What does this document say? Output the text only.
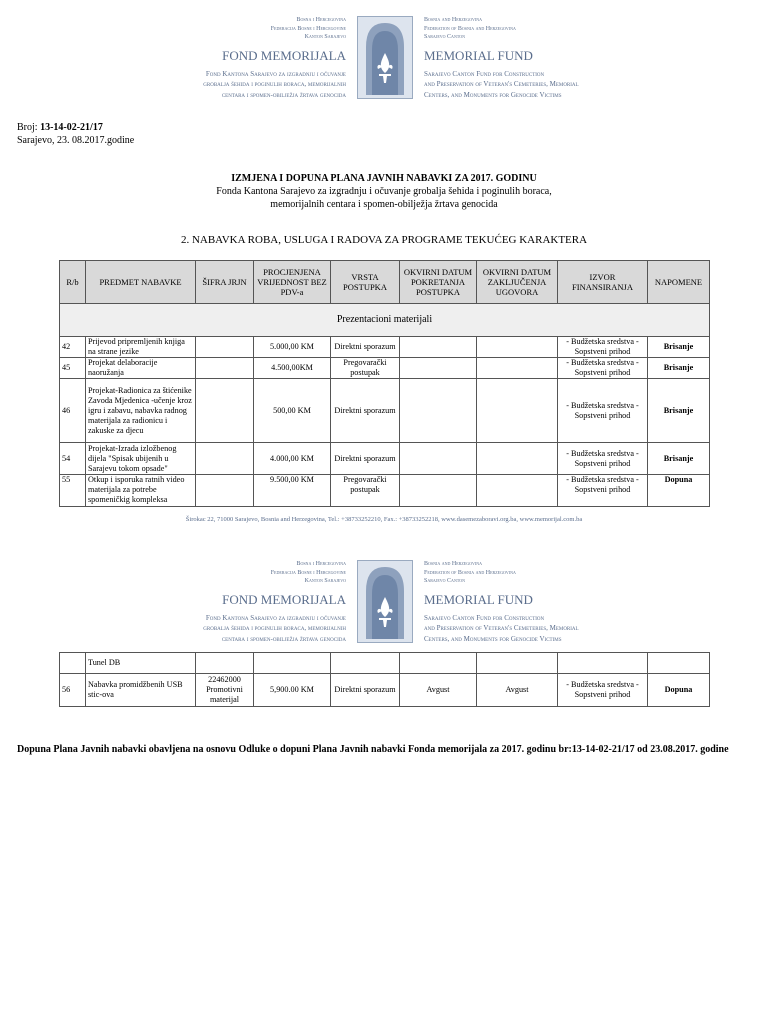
Bosna i Hercegovina
Federacija Bosne i Hercegovine
Kanton Sarajevo
FOND MEMORIJALA
Fond Kantona Sarajevo za izgradnju i očuvanje
grobalja šehida i poginulih boraca, memorijalnih
centara i spomen-obilježja žrtava genocida
Bosnia and Herzegovina
Federation of Bosnia and Herzegovina
Sarajevo Canton
MEMORIAL FUND
Sarajevo Canton Fund for Construction
and Preservation of Veteran's Cemeteries, Memorial
Centers, and Monuments for Genocide Victims
Broj: 13-14-02-21/17
Sarajevo, 23. 08.2017.godine
IZMJENA I DOPUNA PLANA JAVNIH NABAVKI ZA 2017. GODINU
Fonda Kantona Sarajevo za izgradnju i očuvanje grobalja šehida i poginulih boraca,
memorijalnih centara i spomen-obilježja žrtava genocida
2. NABAVKA ROBA, USLUGA I RADOVA ZA PROGRAME TEKUĆEG KARAKTERA
R/b	PREDMET NABAVKE	ŠIFRA JRJN	PROCJENJENA VRIJEDNOST BEZ PDV-a	VRSTA POSTUPKA	OKVIRNI DATUM POKRETANJA POSTUPKA	OKVIRNI DATUM ZAKLJUČENJA UGOVORA	IZVOR FINANSIRANJA	NAPOMENE
Prezentacioni materijali								
42	Prijevod pripremljenih knjiga na strane jezike		5.000,00 KM	Direktni sporazum			- Budžetska sredstva - Sopstveni prihod	Brisanje
45	Projekat delaboracije naoružanja		4.500,00KM	Pregovarački postupak			- Budžetska sredstva - Sopstveni prihod	Brisanje
46	Projekat-Radionica za štićenike Zavoda Mjedenica -učenje kroz igru i zabavu, nabavka radnog materijala za radionicu i zakuske za djecu		500,00 KM	Direktni sporazum			- Budžetska sredstva - Sopstveni prihod	Brisanje
54	Projekat-Izrada izložbenog dijela "Spisak ubijenih u Sarajevu tokom opsade"		4.000,00 KM	Direktni sporazum			- Budžetska sredstva - Sopstveni prihod	Brisanje
55	Otkup i isporuka ratnih video materijala za potrebe spomeničkig kompleksa		9.500,00 KM	Pregovarački postupak			- Budžetska sredstva - Sopstveni prihod	Dopuna
Širokac 22, 71000 Sarajevo, Bosnia and Herzegovina, Tel.: +38733252210, Fax.: +38733252218, www.dasemezaboravi.org.ba, www.memorijal.com.ba
Bosna i Hercegovina
Federacija Bosne i Hercegovine
Kanton Sarajevo
FOND MEMORIJALA
Fond Kantona Sarajevo za izgradnju i očuvanje
grobalja šehida i poginulih boraca, memorijalnih
centara i spomen-obilježja žrtava genocida
Bosnia and Herzegovina
Federation of Bosnia and Herzegovina
Sarajevo Canton
MEMORIAL FUND
Sarajevo Canton Fund for Construction
and Preservation of Veteran's Cemeteries, Memorial
Centers, and Monuments for Genocide Victims
	Tunel DB							
56	Nabavka promidžbenih USB stic-ova	22462000 Promotivni materijal	5,900.00 KM	Direktni sporazum	Avgust	Avgust	- Budžetska sredstva - Sopstveni prihod	Dopuna
Dopuna Plana Javnih nabavki obavljena na osnovu Odluke o dopuni Plana Javnih nabavki Fonda memorijala za 2017. godinu br:13-14-02-21/17 od 23.08.2017. godine
